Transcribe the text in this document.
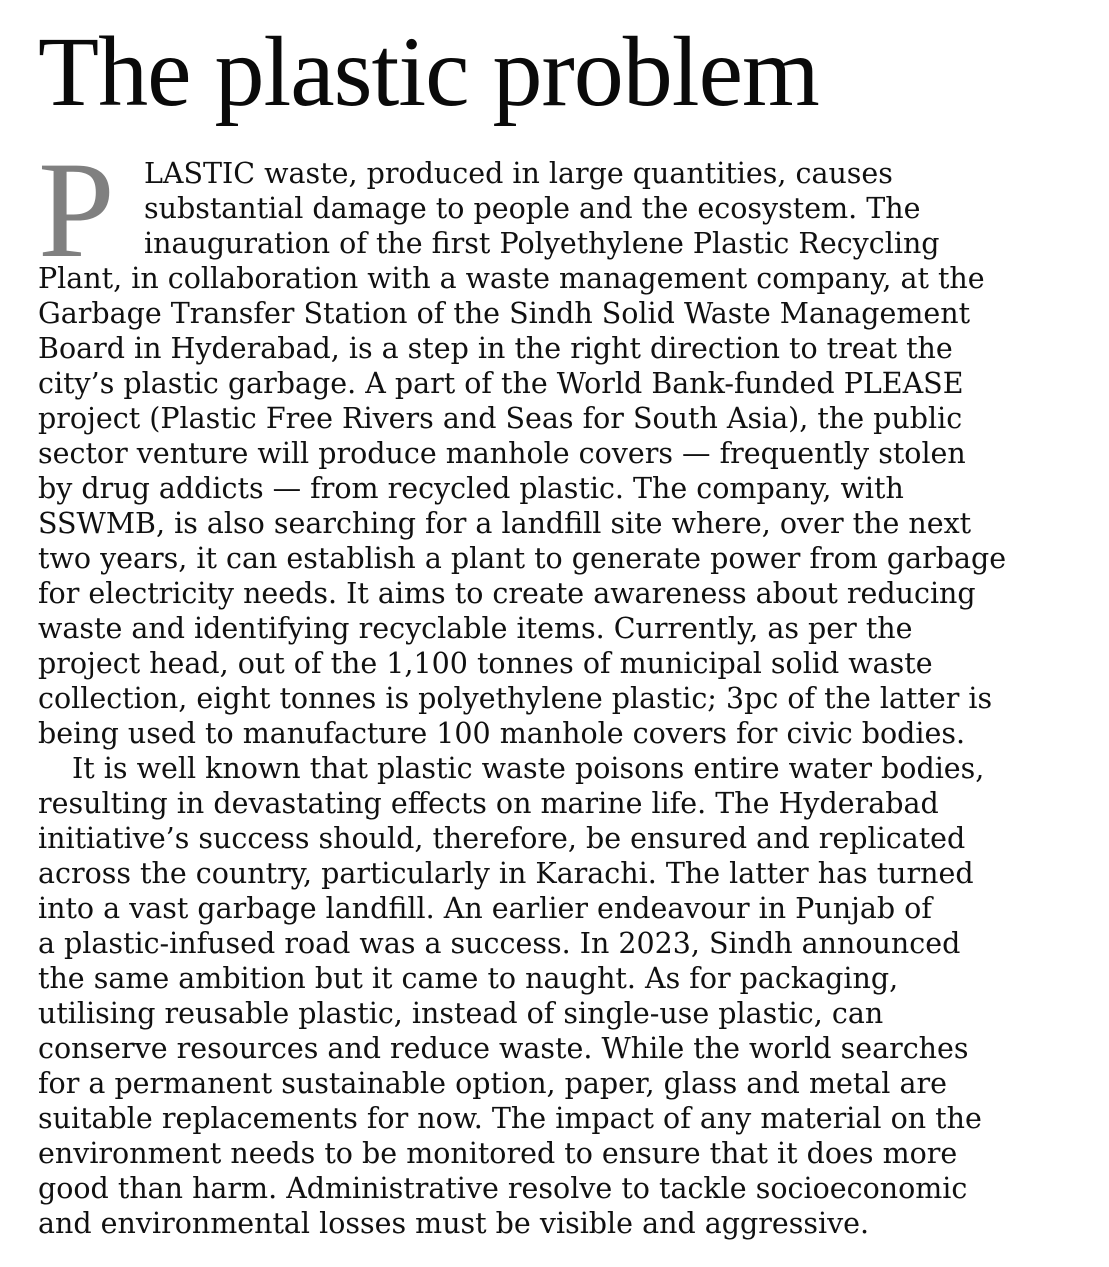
The plastic problem
P	LASTIC waste, produced in large quantities, causes
substantial damage to people and the ecosystem. The
inauguration of the first Polyethylene Plastic Recycling
Plant, in collaboration with a waste management company, at the
Garbage Transfer Station of the Sindh Solid Waste Management
Board in Hyderabad, is a step in the right direction to treat the
city’s plastic garbage. A part of the World Bank-funded PLEASE
project (Plastic Free Rivers and Seas for South Asia), the public
sector venture will produce manhole covers — frequently stolen
by drug addicts — from recycled plastic. The company, with
SSWMB, is also searching for a landfill site where, over the next
two years, it can establish a plant to generate power from garbage
for electricity needs. It aims to create awareness about reducing
waste and identifying recyclable items. Currently, as per the
project head, out of the 1,100 tonnes of municipal solid waste
collection, eight tonnes is polyethylene plastic; 3pc of the latter is
being used to manufacture 100 manhole covers for civic bodies.
It is well known that plastic waste poisons entire water bodies,
resulting in devastating effects on marine life. The Hyderabad
initiative’s success should, therefore, be ensured and replicated
across the country, particularly in Karachi. The latter has turned
into a vast garbage landfill. An earlier endeavour in Punjab of
a plastic-infused road was a success. In 2023, Sindh announced
the same ambition but it came to naught. As for packaging,
utilising reusable plastic, instead of single-use plastic, can
conserve resources and reduce waste. While the world searches
for a permanent sustainable option, paper, glass and metal are
suitable replacements for now. The impact of any material on the
environment needs to be monitored to ensure that it does more
good than harm. Administrative resolve to tackle socioeconomic
and environmental losses must be visible and aggressive.
